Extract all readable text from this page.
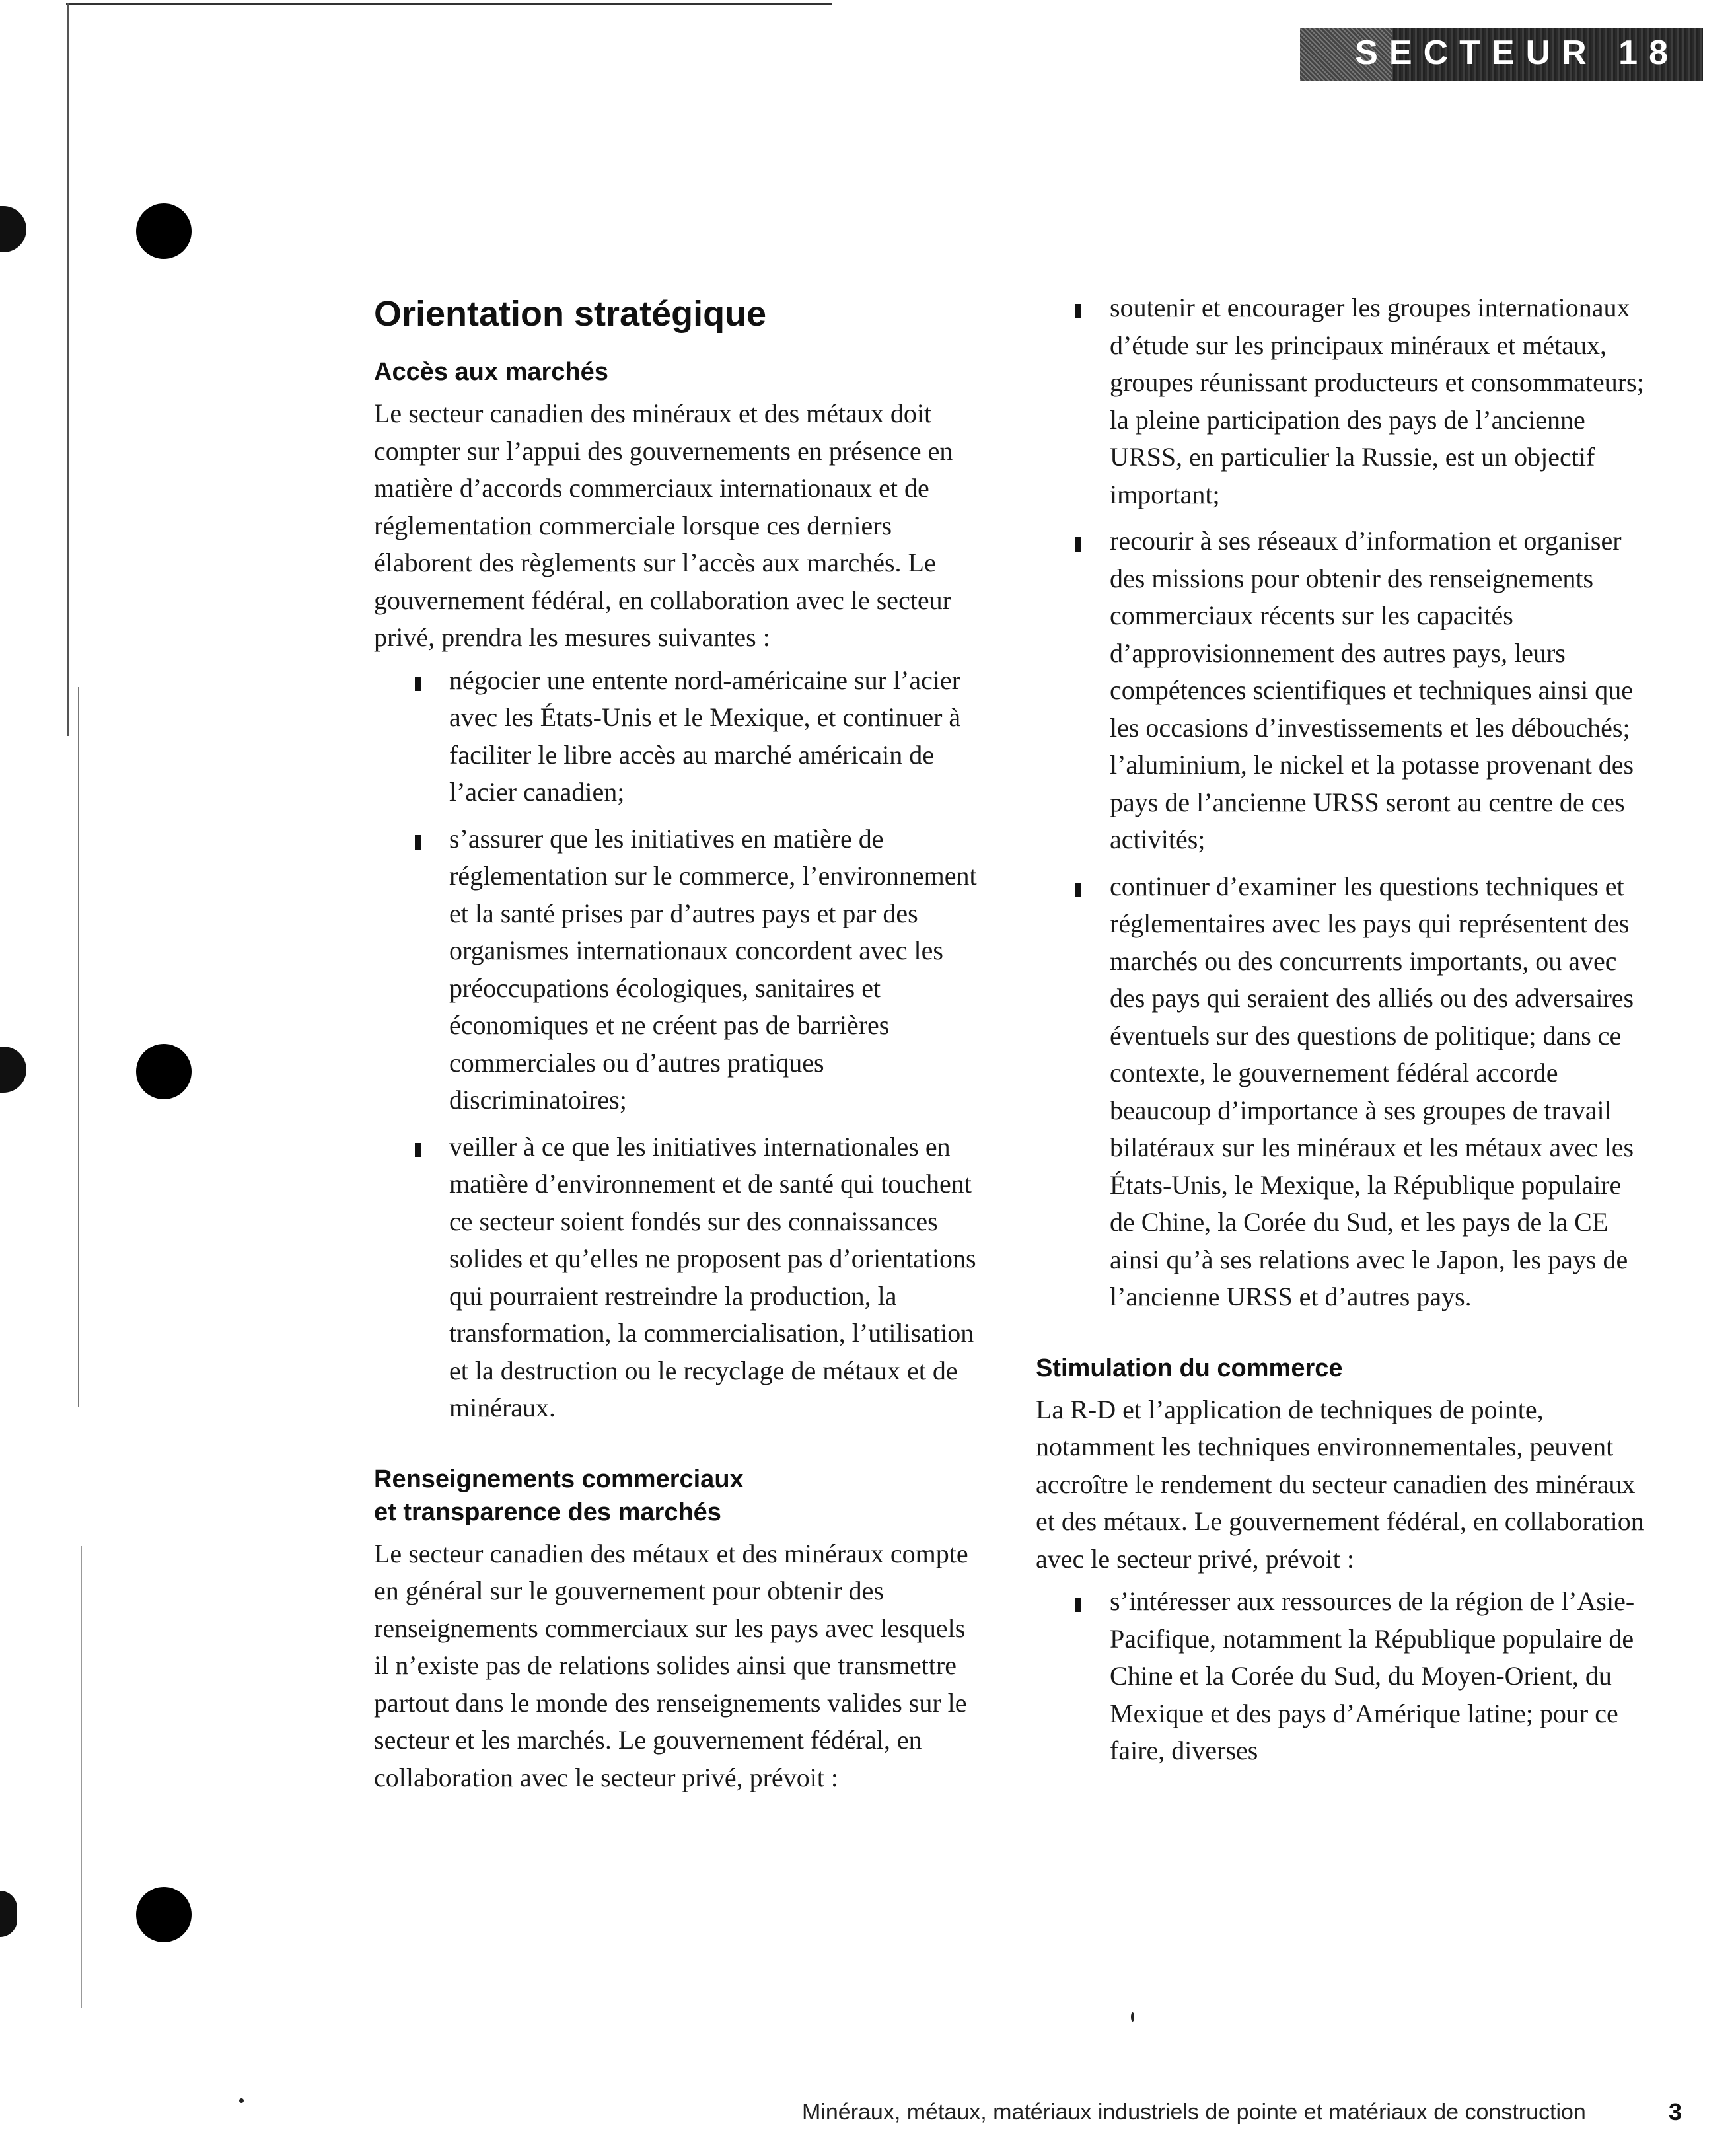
SECTEUR 18
Orientation stratégique
Accès aux marchés

Le secteur canadien des minéraux et des métaux doit compter sur l’appui des gouvernements en présence en matière d’accords commerciaux internationaux et de réglementation commerciale lorsque ces derniers élaborent des règlements sur l’accès aux marchés. Le gouvernement fédéral, en collaboration avec le secteur privé, prendra les mesures suivantes :

négocier une entente nord-américaine sur l’acier avec les États-Unis et le Mexique, et continuer à faciliter le libre accès au marché américain de l’acier canadien;
s’assurer que les initiatives en matière de réglementation sur le commerce, l’environnement et la santé prises par d’autres pays et par des organismes internationaux concordent avec les préoccupations écologiques, sanitaires et économiques et ne créent pas de barrières commerciales ou d’autres pratiques discriminatoires;
veiller à ce que les initiatives internationales en matière d’environnement et de santé qui touchent ce secteur soient fondés sur des connaissances solides et qu’elles ne proposent pas d’orientations qui pourraient restreindre la production, la transformation, la commercialisation, l’utilisation et la destruction ou le recyclage de métaux et de minéraux.
Renseignements commerciaux
et transparence des marchés

Le secteur canadien des métaux et des minéraux compte en général sur le gouvernement pour obtenir des renseignements commerciaux sur les pays avec lesquels il n’existe pas de relations solides ainsi que transmettre partout dans le monde des renseignements valides sur le secteur et les marchés. Le gouvernement fédéral, en collaboration avec le secteur privé, prévoit :

soutenir et encourager les groupes internationaux d’étude sur les principaux minéraux et métaux, groupes réunissant producteurs et consommateurs; la pleine participation des pays de l’ancienne URSS, en particulier la Russie, est un objectif important;
recourir à ses réseaux d’information et organiser des missions pour obtenir des renseignements commerciaux récents sur les capacités d’approvisionnement des autres pays, leurs compétences scientifiques et techniques ainsi que les occasions d’investissements et les débouchés; l’aluminium, le nickel et la potasse provenant des pays de l’ancienne URSS seront au centre de ces activités;
continuer d’examiner les questions techniques et réglementaires avec les pays qui représentent des marchés ou des concurrents importants, ou avec des pays qui seraient des alliés ou des adversaires éventuels sur des questions de politique; dans ce contexte, le gouvernement fédéral accorde beaucoup d’importance à ses groupes de travail bilatéraux sur les minéraux et les métaux avec les États-Unis, le Mexique, la République populaire de Chine, la Corée du Sud, et les pays de la CE ainsi qu’à ses relations avec le Japon, les pays de l’ancienne URSS et d’autres pays.
Stimulation du commerce

La R-D et l’application de techniques de pointe, notamment les techniques environnementales, peuvent accroître le rendement du secteur canadien des minéraux et des métaux. Le gouvernement fédéral, en collaboration avec le secteur privé, prévoit :

s’intéresser aux ressources de la région de l’Asie-Pacifique, notamment la République populaire de Chine et la Corée du Sud, du Moyen-Orient, du Mexique et des pays d’Amérique latine; pour ce faire, diverses
Minéraux, métaux, matériaux industriels de pointe et matériaux de construction	3
